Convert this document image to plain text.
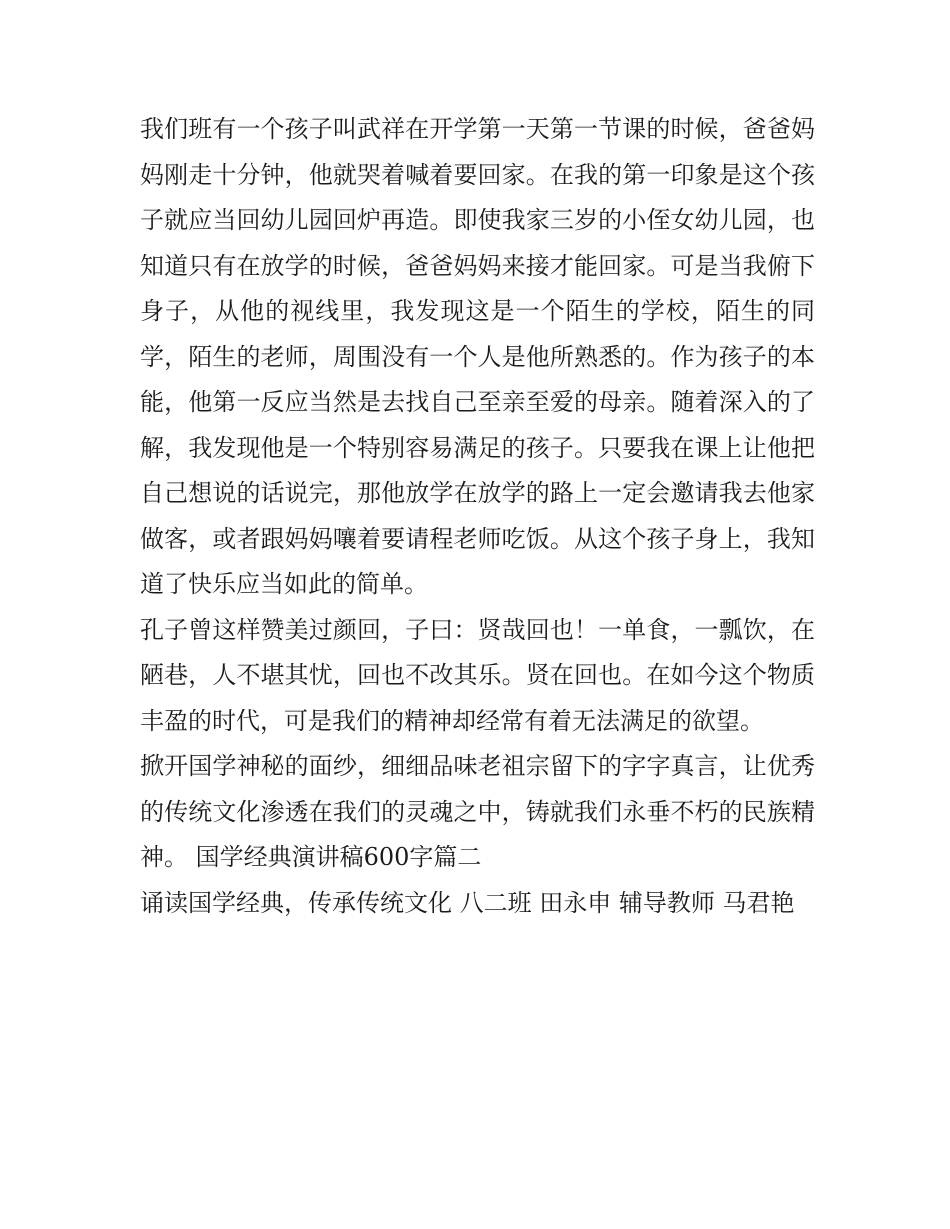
我们班有一个孩子叫武祥在开学第一天第一节课的时候，爸爸妈妈刚走十分钟，他就哭着喊着要回家。在我的第一印象是这个孩子就应当回幼儿园回炉再造。即使我家三岁的小侄女幼儿园，也知道只有在放学的时候，爸爸妈妈来接才能回家。可是当我俯下身子，从他的视线里，我发现这是一个陌生的学校，陌生的同学，陌生的老师，周围没有一个人是他所熟悉的。作为孩子的本能，他第一反应当然是去找自己至亲至爱的母亲。随着深入的了解，我发现他是一个特别容易满足的孩子。只要我在课上让他把自己想说的话说完，那他放学在放学的路上一定会邀请我去他家做客，或者跟妈妈嚷着要请程老师吃饭。从这个孩子身上，我知道了快乐应当如此的简单。

孔子曾这样赞美过颜回，子曰：贤哉回也！一单食，一瓢饮，在陋巷，人不堪其忧，回也不改其乐。贤在回也。在如今这个物质丰盈的时代，可是我们的精神却经常有着无法满足的欲望。

掀开国学神秘的面纱，细细品味老祖宗留下的字字真言，让优秀的传统文化渗透在我们的灵魂之中，铸就我们永垂不朽的民族精神。 国学经典演讲稿600字篇二

诵读国学经典，传承传统文化 八二班 田永申 辅导教师 马君艳
